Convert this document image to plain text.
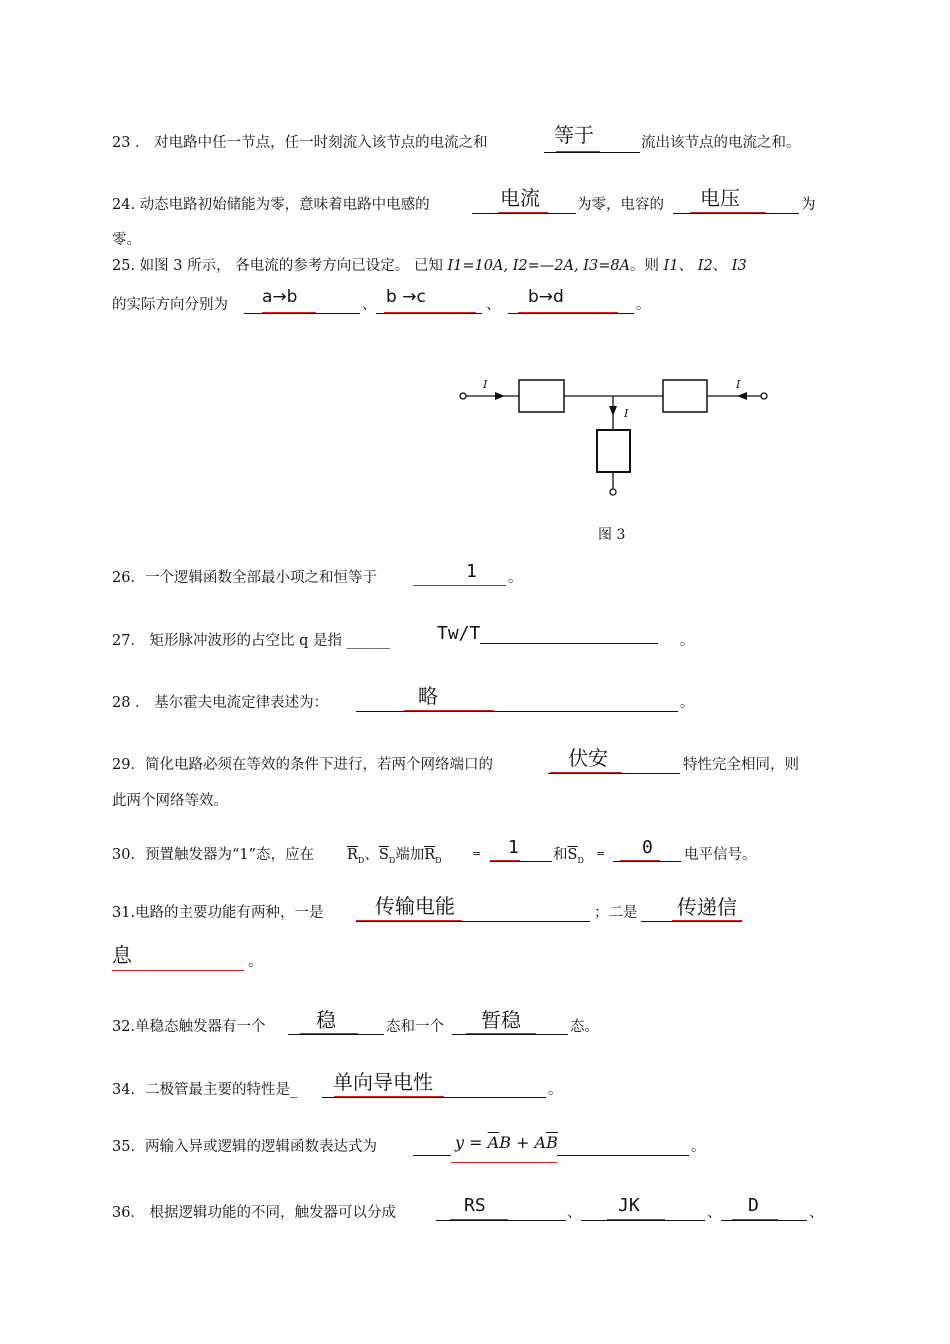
23 ． 对电路中任一节点，任一时刻流入该节点的电流之和	等于	流出该节点的电流之和。
24. 动态电路初始储能为零，意味着电路中电感的	电流	为零，电容的 电压	为
零。
25. 如图 3 所示， 各电流的参考方向已设定。 已知 I1=10A, I2=—2A, I3=8A。则 I1、 I2、 I3
的实际方向分别为 a→b	、 b →c	、 b→d	。
I	I
I
图 3
26．一个逻辑函数全部最小项之和恒等于	1 。
27． 矩形脉冲波形的占空比 q 是指 ______	Tw/T	。
28 ． 基尔霍夫电流定律表述为：	略	。
29．简化电路必须在等效的条件下进行，若两个网络端口的	伏安	特性完全相同，则
此两个网络等效。
30．预置触发器为“1”态，应在 $\overline{R}_D$、$\overline{S}_D$端加$\overline{R}_D$
= 1 和$\overline{S}_D$
= 0 电平信号。
31.电路的主要功能有两种，一是	传输电能	；二是 传递信
息	。
32.单稳态触发器有一个	稳	态和一个 暂稳	态。
34．二极管最主要的特性是_ 单向导电性	。
35．两输入异或逻辑的逻辑函数表达式为	$y = \overline{A}B + A\overline{B}$	。
36． 根据逻辑功能的不同，触发器可以分成	RS	、 JK	、 D	、
